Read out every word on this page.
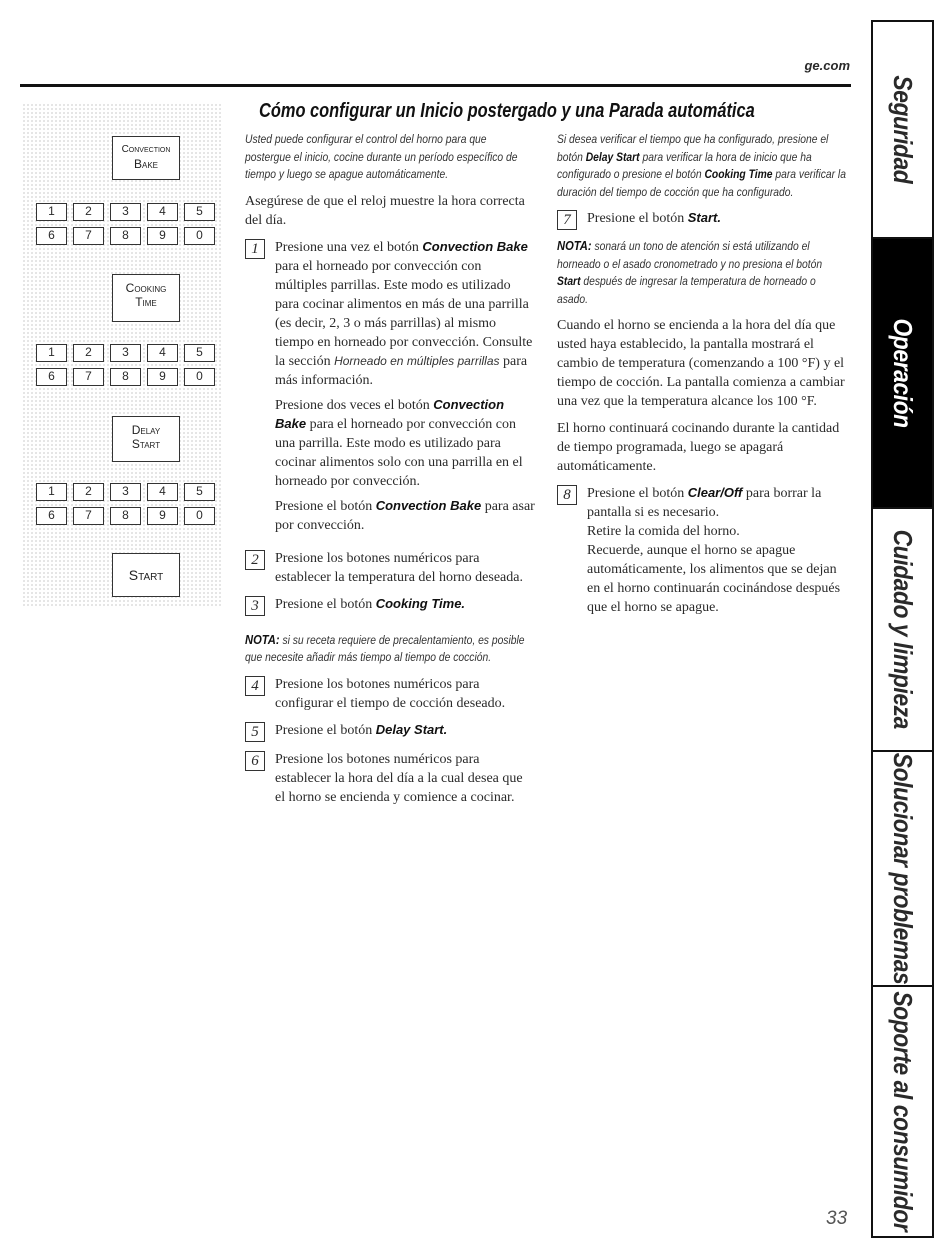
ge.com
Cómo configurar un Inicio postergado y una Parada automática
Convection
Bake
1	2	3	4	5
6	7	8	9	0
Cooking
Time
1	2	3	4	5
6	7	8	9	0
Delay
Start
1	2	3	4	5
6	7	8	9	0
Start

Usted puede configurar el control del horno para que postergue el inicio, cocine durante un período específico de tiempo y luego se apague automáticamente.

Asegúrese de que el reloj muestre la hora correcta del día.

1	Presione una vez el botón Convection Bake para el horneado por convección con múltiples parrillas. Este modo es utilizado para cocinar alimentos en más de una parrilla (es decir, 2, 3 o más parrillas) al mismo tiempo en horneado por convección. Consulte la sección Horneado en múltiples parrillas para más información.

Presione dos veces el botón Convection Bake para el horneado por convección con una parrilla. Este modo es utilizado para cocinar alimentos solo con una parrilla en el horneado por convección.

Presione el botón Convection Bake para asar por convección.

2	Presione los botones numéricos para establecer la temperatura del horno deseada.
3	Presione el botón Cooking Time.

NOTA: si su receta requiere de precalentamiento, es posible que necesite añadir más tiempo al tiempo de cocción.

4	Presione los botones numéricos para configurar el tiempo de cocción deseado.
5	Presione el botón Delay Start.
6	Presione los botones numéricos para establecer la hora del día a la cual desea que el horno se encienda y comience a cocinar.

Si desea verificar el tiempo que ha configurado, presione el botón Delay Start para verificar la hora de inicio que ha configurado o presione el botón Cooking Time para verificar la duración del tiempo de cocción que ha configurado.

7	Presione el botón Start.

NOTA: sonará un tono de atención si está utilizando el horneado o el asado cronometrado y no presiona el botón Start después de ingresar la temperatura de horneado o asado.

Cuando el horno se encienda a la hora del día que usted haya establecido, la pantalla mostrará el cambio de temperatura (comenzando a 100 °F) y el tiempo de cocción. La pantalla comienza a cambiar una vez que la temperatura alcance los 100 °F.

El horno continuará cocinando durante la cantidad de tiempo programada, luego se apagará automáticamente.

8	Presione el botón Clear/Off para borrar la pantalla si es necesario.

Retire la comida del horno.

Recuerde, aunque el horno se apague automáticamente, los alimentos que se dejan en el horno continuarán cocinándose después que el horno se apague.

Seguridad
Operación
Cuidado y limpieza
Solucionar problemas
Soporte al consumidor
33
